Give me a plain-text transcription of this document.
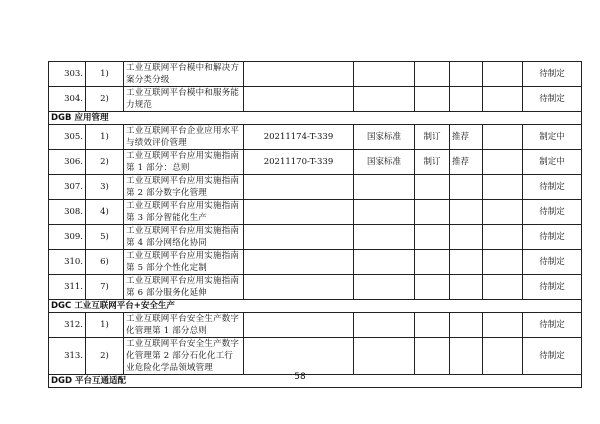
303.	1)	工业互联网平台模中和解决方案分类分级						待制定
304.	2)	工业互联网平台模中和服务能力规范						待制定
DGB 应用管理								
305.	1)	工业互联网平台企业应用水平与绩效评价管理	20211174-T-339	国家标准	制订	推荐		制定中
306.	2)	工业互联网平台应用实施指南第 1 部分：总则	20211170-T-339	国家标准	制订	推荐		制定中
307.	3)	工业互联网平台应用实施指南第 2 部分数字化管理						待制定
308.	4)	工业互联网平台应用实施指南第 3 部分智能化生产						待制定
309.	5)	工业互联网平台应用实施指南第 4 部分网络化协同						待制定
310.	6)	工业互联网平台应用实施指南第 5 部分个性化定制						待制定
311.	7)	工业互联网平台应用实施指南第 6 部分服务化延伸						待制定
DGC 工业互联网平台+安全生产								
312.	1)	工业互联网平台安全生产数字化管理第 1 部分总则						待制定
313.	2)	工业互联网平台安全生产数字化管理第 2 部分石化化工行业危险化学品领域管理						待制定
DGD 平台互通适配									58
